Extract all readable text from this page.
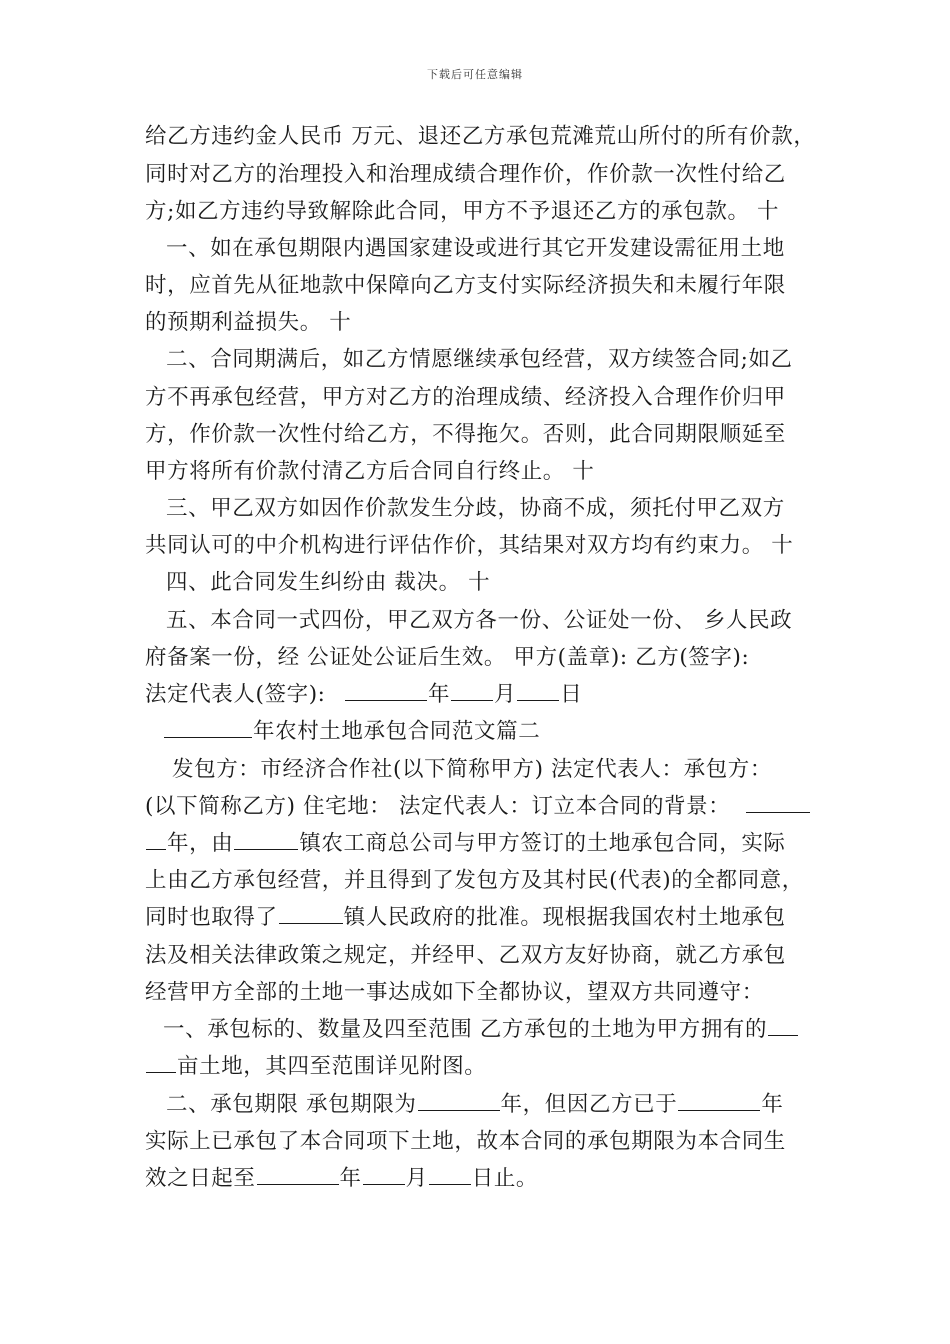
下载后可任意编辑
给乙方违约金人民币 万元、退还乙方承包荒滩荒山所付的所有价款，
同时对乙方的治理投入和治理成绩合理作价，作价款一次性付给乙
方;如乙方违约导致解除此合同，甲方不予退还乙方的承包款。 十
一、如在承包期限内遇国家建设或进行其它开发建设需征用土地
时，应首先从征地款中保障向乙方支付实际经济损失和未履行年限
的预期利益损失。 十
二、合同期满后，如乙方情愿继续承包经营，双方续签合同;如乙
方不再承包经营，甲方对乙方的治理成绩、经济投入合理作价归甲
方，作价款一次性付给乙方，不得拖欠。否则，此合同期限顺延至
甲方将所有价款付清乙方后合同自行终止。 十
三、甲乙双方如因作价款发生分歧，协商不成，须托付甲乙双方
共同认可的中介机构进行评估作价，其结果对双方均有约束力。 十
四、此合同发生纠纷由 裁决。 十
五、本合同一式四份，甲乙双方各一份、公证处一份、 乡人民政
府备案一份，经 公证处公证后生效。 甲方(盖章): 乙方(签字):
法定代表人(签字):	年 月 日
年农村土地承包合同范文篇二
发包方：市经济合作社(以下简称甲方) 法定代表人：承包方：
(以下简称乙方) 住宅地： 法定代表人：订立本合同的背景：
年，由	镇农工商总公司与甲方签订的土地承包合同，实际
上由乙方承包经营，并且得到了发包方及其村民(代表)的全都同意，
同时也取得了	镇人民政府的批准。现根据我国农村土地承包
法及相关法律政策之规定，并经甲、乙双方友好协商，就乙方承包
经营甲方全部的土地一事达成如下全都协议，望双方共同遵守：
一、承包标的、数量及四至范围 乙方承包的土地为甲方拥有的
亩土地，其四至范围详见附图。
二、承包期限 承包期限为	年，但因乙方已于	年
实际上已承包了本合同项下土地，故本合同的承包期限为本合同生
效之日起至	年 月 日止。
